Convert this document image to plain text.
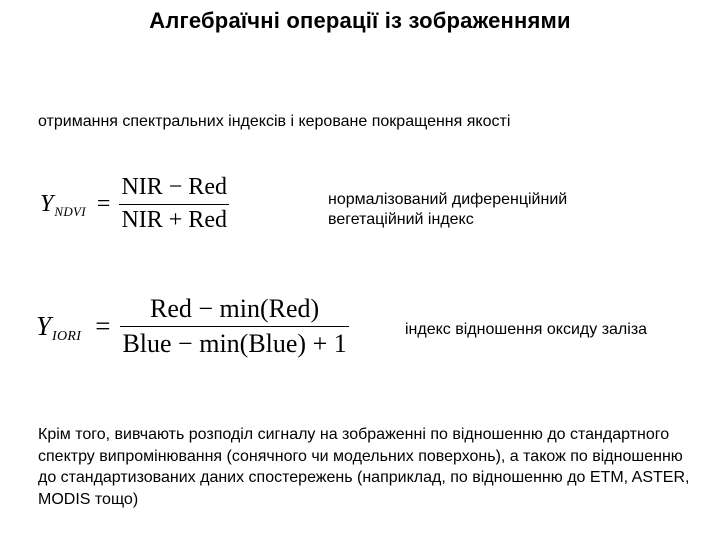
Алгебраїчні операції із зображеннями
отримання спектральних індексів і кероване покращення якості
Y NDVI = $\frac{\text{NIR − Red}}{\text{NIR + Red}}$	нормалізований диференційний вегетаційний індекс
Y IORI = $\frac{\text{Red − min(Red)}}{\text{Blue − min(Blue) + 1}}$	індекс відношення оксиду заліза
Крім того, вивчають розподіл сигналу на зображенні по відношенню до стандартного спектру випромінювання (сонячного чи модельних поверхонь), а також по відношенню до стандартизованих даних спостережень (наприклад, по відношенню до ETM, ASTER, MODIS тощо)
